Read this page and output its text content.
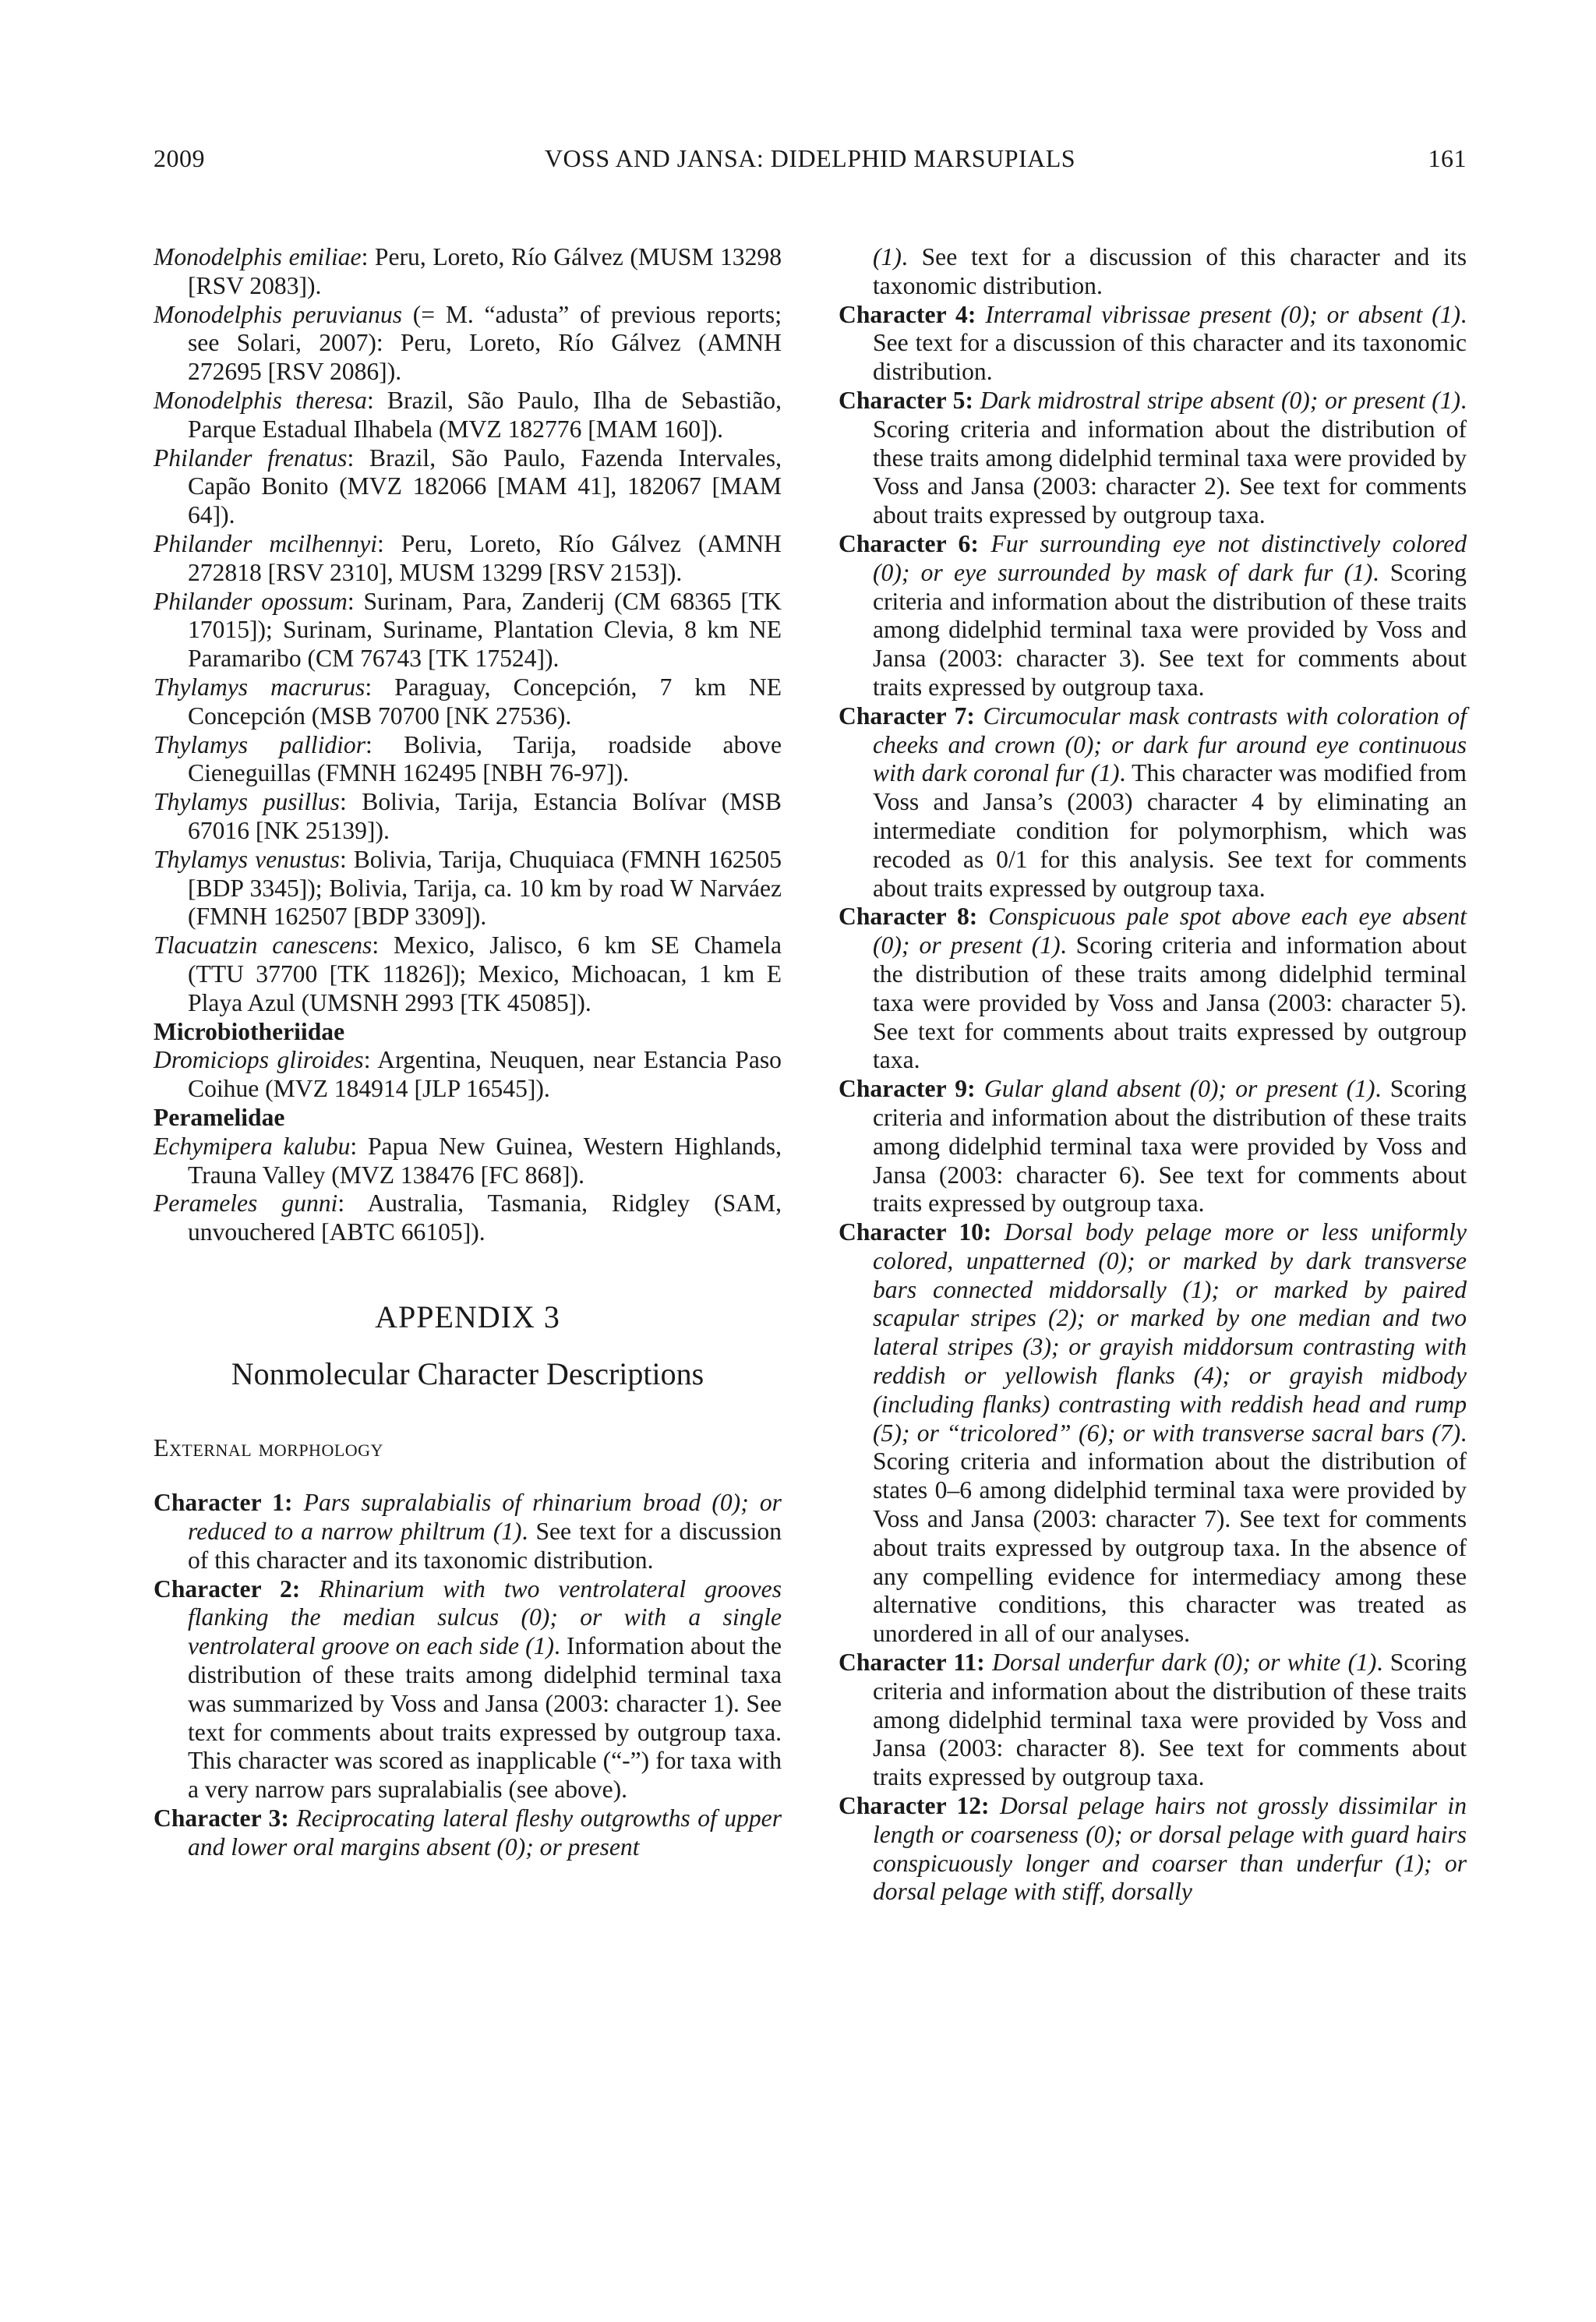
2009	VOSS AND JANSA: DIDELPHID MARSUPIALS	161

Monodelphis emiliae: Peru, Loreto, Río Gálvez (MUSM 13298 [RSV 2083]).

Monodelphis peruvianus (= M. “adusta” of previous reports; see Solari, 2007): Peru, Loreto, Río Gálvez (AMNH 272695 [RSV 2086]).

Monodelphis theresa: Brazil, São Paulo, Ilha de Sebastião, Parque Estadual Ilhabela (MVZ 182776 [MAM 160]).

Philander frenatus: Brazil, São Paulo, Fazenda Intervales, Capão Bonito (MVZ 182066 [MAM 41], 182067 [MAM 64]).

Philander mcilhennyi: Peru, Loreto, Río Gálvez (AMNH 272818 [RSV 2310], MUSM 13299 [RSV 2153]).

Philander opossum: Surinam, Para, Zanderij (CM 68365 [TK 17015]); Surinam, Suriname, Plantation Clevia, 8 km NE Paramaribo (CM 76743 [TK 17524]).

Thylamys macrurus: Paraguay, Concepción, 7 km NE Concepción (MSB 70700 [NK 27536).

Thylamys pallidior: Bolivia, Tarija, roadside above Cieneguillas (FMNH 162495 [NBH 76-97]).

Thylamys pusillus: Bolivia, Tarija, Estancia Bolívar (MSB 67016 [NK 25139]).

Thylamys venustus: Bolivia, Tarija, Chuquiaca (FMNH 162505 [BDP 3345]); Bolivia, Tarija, ca. 10 km by road W Narváez (FMNH 162507 [BDP 3309]).

Tlacuatzin canescens: Mexico, Jalisco, 6 km SE Chamela (TTU 37700 [TK 11826]); Mexico, Michoacan, 1 km E Playa Azul (UMSNH 2993 [TK 45085]).

Microbiotheriidae

Dromiciops gliroides: Argentina, Neuquen, near Estancia Paso Coihue (MVZ 184914 [JLP 16545]).

Peramelidae

Echymipera kalubu: Papua New Guinea, Western Highlands, Trauna Valley (MVZ 138476 [FC 868]).

Perameles gunni: Australia, Tasmania, Ridgley (SAM, unvouchered [ABTC 66105]).

APPENDIX 3
Nonmolecular Character Descriptions
External morphology

Character 1: Pars supralabialis of rhinarium broad (0); or reduced to a narrow philtrum (1). See text for a discussion of this character and its taxonomic distribution.

Character 2: Rhinarium with two ventrolateral grooves flanking the median sulcus (0); or with a single ventrolateral groove on each side (1). Information about the distribution of these traits among didelphid terminal taxa was summarized by Voss and Jansa (2003: character 1). See text for comments about traits expressed by outgroup taxa. This character was scored as inapplicable (“-”) for taxa with a very narrow pars supralabialis (see above).

Character 3: Reciprocating lateral fleshy outgrowths of upper and lower oral margins absent (0); or present

(1). See text for a discussion of this character and its taxonomic distribution.

Character 4: Interramal vibrissae present (0); or absent (1). See text for a discussion of this character and its taxonomic distribution.

Character 5: Dark midrostral stripe absent (0); or present (1). Scoring criteria and information about the distribution of these traits among didelphid terminal taxa were provided by Voss and Jansa (2003: character 2). See text for comments about traits expressed by outgroup taxa.

Character 6: Fur surrounding eye not distinctively colored (0); or eye surrounded by mask of dark fur (1). Scoring criteria and information about the distribution of these traits among didelphid terminal taxa were provided by Voss and Jansa (2003: character 3). See text for comments about traits expressed by outgroup taxa.

Character 7: Circumocular mask contrasts with coloration of cheeks and crown (0); or dark fur around eye continuous with dark coronal fur (1). This character was modified from Voss and Jansa’s (2003) character 4 by eliminating an intermediate condition for polymorphism, which was recoded as 0/1 for this analysis. See text for comments about traits expressed by outgroup taxa.

Character 8: Conspicuous pale spot above each eye absent (0); or present (1). Scoring criteria and information about the distribution of these traits among didelphid terminal taxa were provided by Voss and Jansa (2003: character 5). See text for comments about traits expressed by outgroup taxa.

Character 9: Gular gland absent (0); or present (1). Scoring criteria and information about the distribution of these traits among didelphid terminal taxa were provided by Voss and Jansa (2003: character 6). See text for comments about traits expressed by outgroup taxa.

Character 10: Dorsal body pelage more or less uniformly colored, unpatterned (0); or marked by dark transverse bars connected middorsally (1); or marked by paired scapular stripes (2); or marked by one median and two lateral stripes (3); or grayish middorsum contrasting with reddish or yellowish flanks (4); or grayish midbody (including flanks) contrasting with reddish head and rump (5); or “tricolored” (6); or with transverse sacral bars (7). Scoring criteria and information about the distribution of states 0–6 among didelphid terminal taxa were provided by Voss and Jansa (2003: character 7). See text for comments about traits expressed by outgroup taxa. In the absence of any compelling evidence for intermediacy among these alternative conditions, this character was treated as unordered in all of our analyses.

Character 11: Dorsal underfur dark (0); or white (1). Scoring criteria and information about the distribution of these traits among didelphid terminal taxa were provided by Voss and Jansa (2003: character 8). See text for comments about traits expressed by outgroup taxa.

Character 12: Dorsal pelage hairs not grossly dissimilar in length or coarseness (0); or dorsal pelage with guard hairs conspicuously longer and coarser than underfur (1); or dorsal pelage with stiff, dorsally
